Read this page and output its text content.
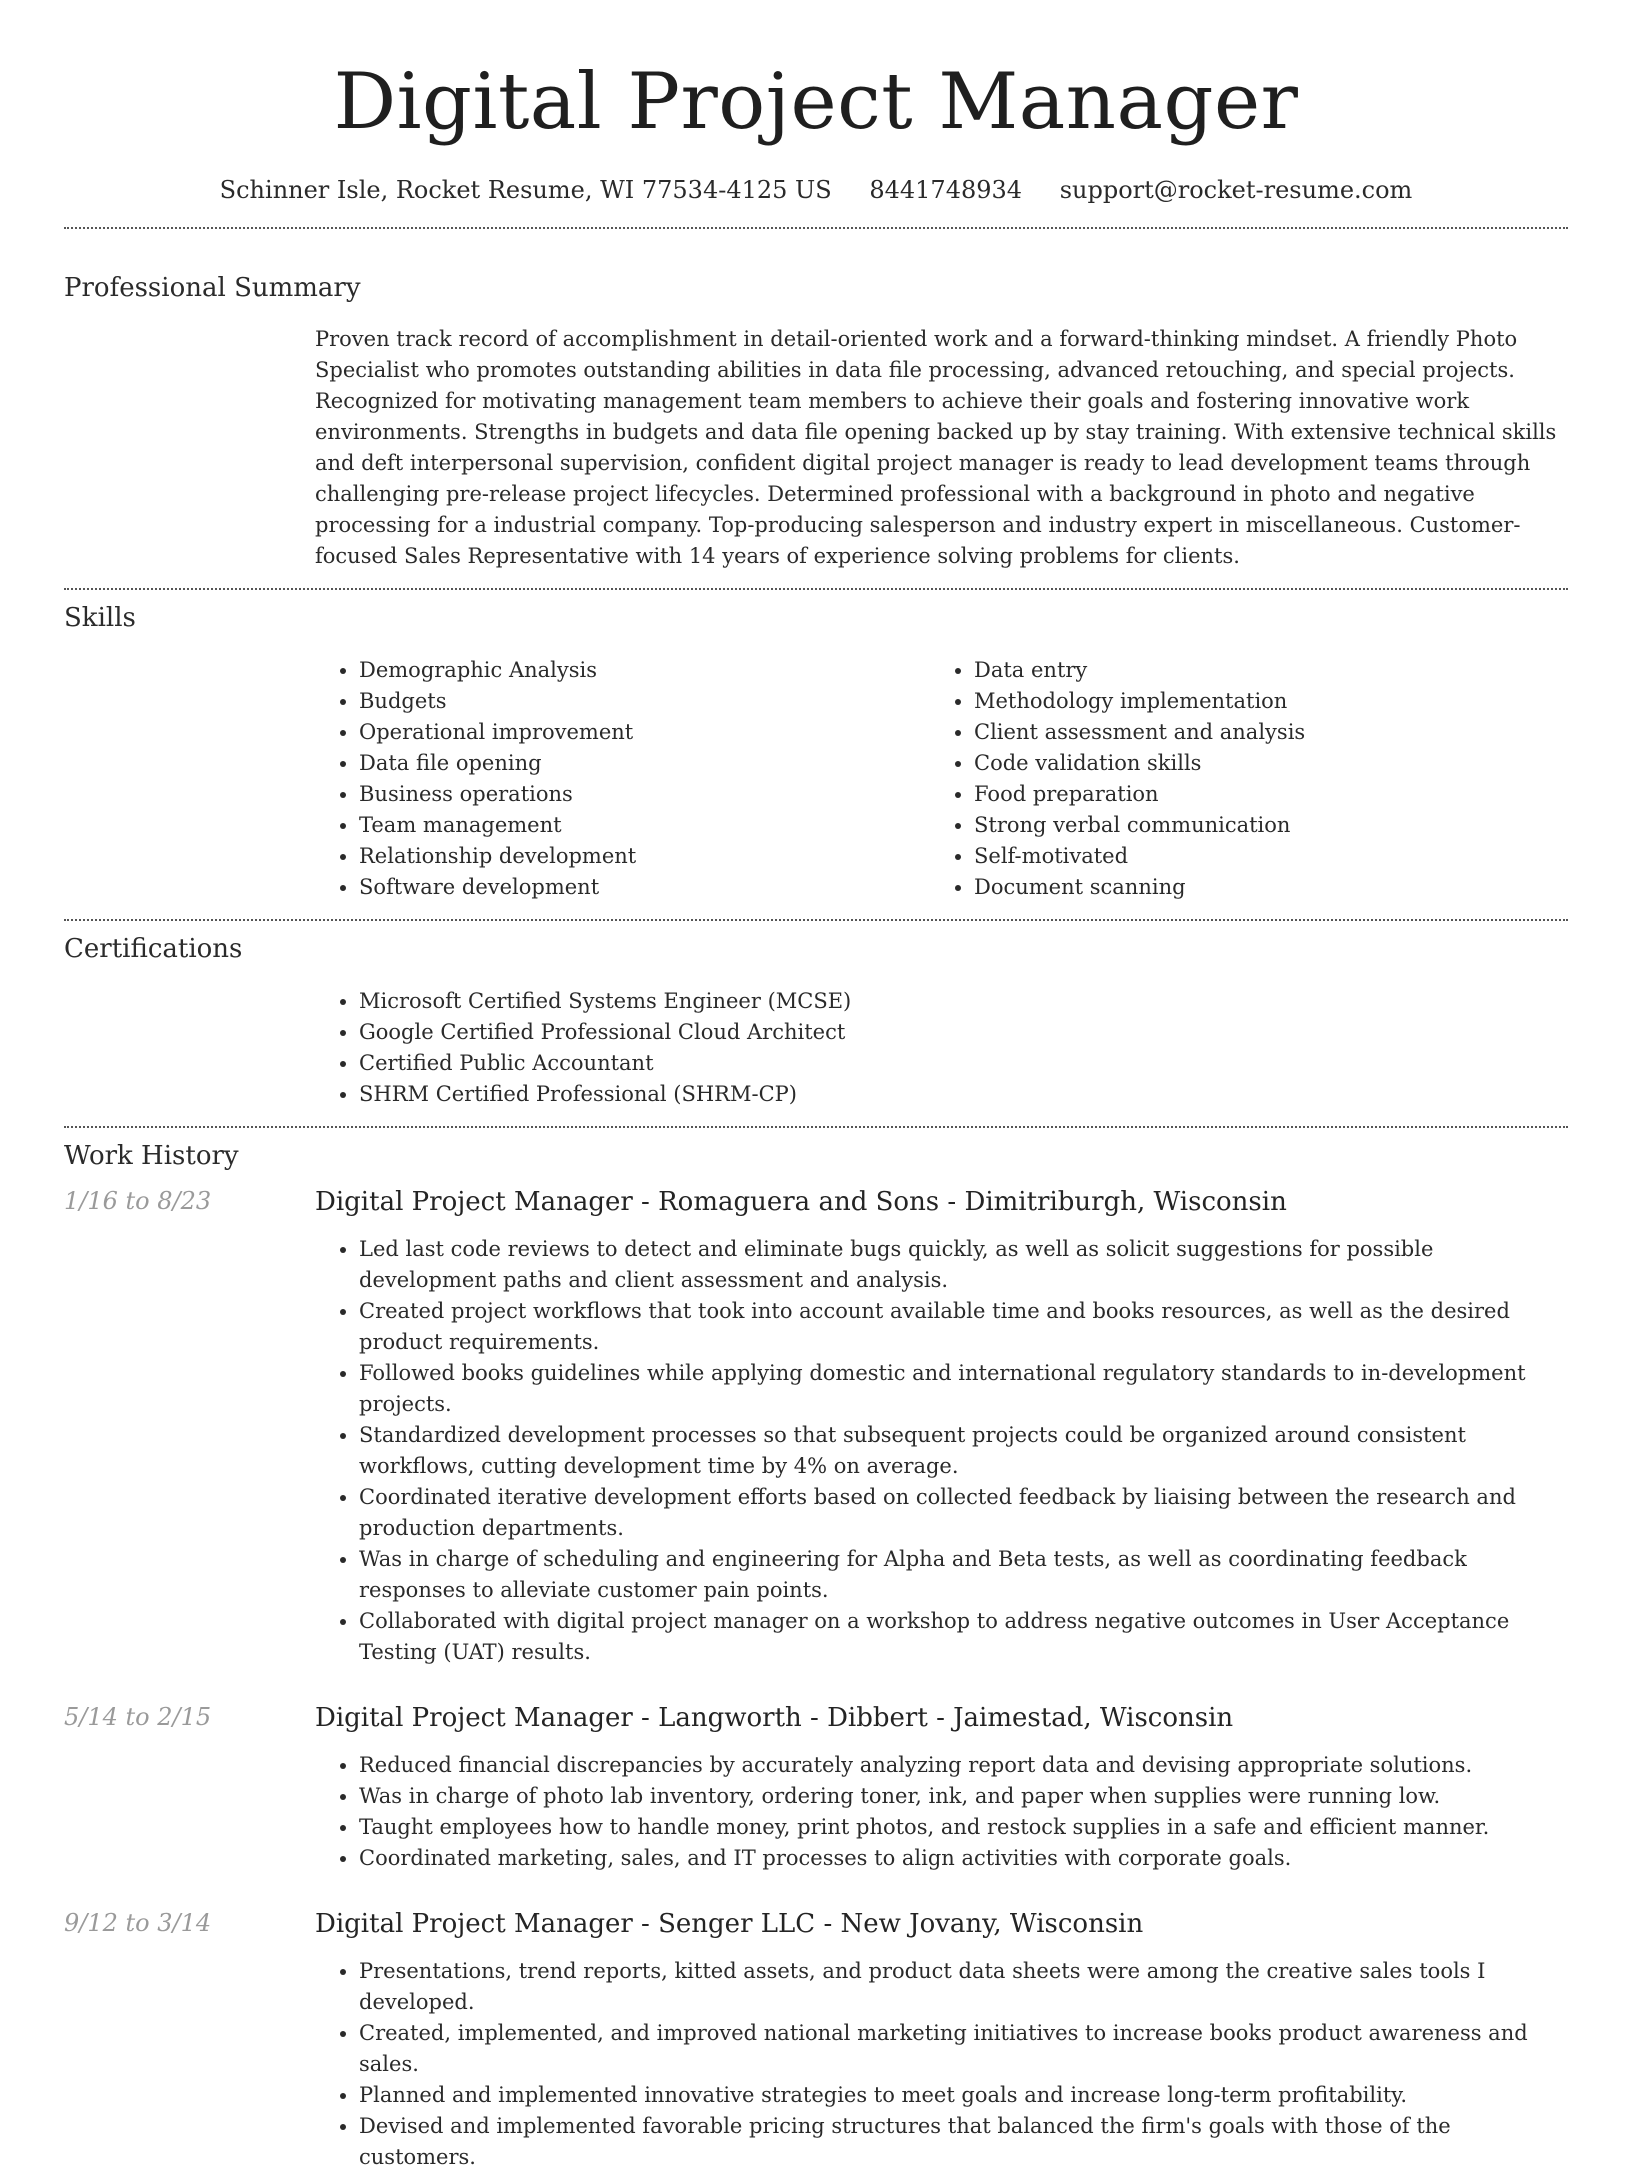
Digital Project Manager
Schinner Isle, Rocket Resume, WI 77534-4125 US 8441748934 support@rocket-resume.com
Professional Summary
Proven track record of accomplishment in detail-oriented work and a forward-thinking mindset. A friendly Photo Specialist who promotes outstanding abilities in data file processing, advanced retouching, and special projects. Recognized for motivating management team members to achieve their goals and fostering innovative work environments. Strengths in budgets and data file opening backed up by stay training. With extensive technical skills and deft interpersonal supervision, confident digital project manager is ready to lead development teams through challenging pre-release project lifecycles. Determined professional with a background in photo and negative processing for a industrial company. Top-producing salesperson and industry expert in miscellaneous. Customer-focused Sales Representative with 14 years of experience solving problems for clients.
Skills
• Demographic Analysis
• Budgets
• Operational improvement
• Data file opening
• Business operations
• Team management
• Relationship development
• Software development
• Data entry
• Methodology implementation
• Client assessment and analysis
• Code validation skills
• Food preparation
• Strong verbal communication
• Self-motivated
• Document scanning
Certifications
• Microsoft Certified Systems Engineer (MCSE)
• Google Certified Professional Cloud Architect
• Certified Public Accountant
• SHRM Certified Professional (SHRM-CP)
Work History
1/16 to 8/23	Digital Project Manager - Romaguera and Sons - Dimitriburgh, Wisconsin
• Led last code reviews to detect and eliminate bugs quickly, as well as solicit suggestions for possible development paths and client assessment and analysis.
• Created project workflows that took into account available time and books resources, as well as the desired product requirements.
• Followed books guidelines while applying domestic and international regulatory standards to in-development projects.
• Standardized development processes so that subsequent projects could be organized around consistent workflows, cutting development time by 4% on average.
• Coordinated iterative development efforts based on collected feedback by liaising between the research and production departments.
• Was in charge of scheduling and engineering for Alpha and Beta tests, as well as coordinating feedback responses to alleviate customer pain points.
• Collaborated with digital project manager on a workshop to address negative outcomes in User Acceptance Testing (UAT) results.
5/14 to 2/15	Digital Project Manager - Langworth - Dibbert - Jaimestad, Wisconsin
• Reduced financial discrepancies by accurately analyzing report data and devising appropriate solutions.
• Was in charge of photo lab inventory, ordering toner, ink, and paper when supplies were running low.
• Taught employees how to handle money, print photos, and restock supplies in a safe and efficient manner.
• Coordinated marketing, sales, and IT processes to align activities with corporate goals.
9/12 to 3/14	Digital Project Manager - Senger LLC - New Jovany, Wisconsin
• Presentations, trend reports, kitted assets, and product data sheets were among the creative sales tools I developed.
• Created, implemented, and improved national marketing initiatives to increase books product awareness and sales.
• Planned and implemented innovative strategies to meet goals and increase long-term profitability.
• Devised and implemented favorable pricing structures that balanced the firm's goals with those of the customers.
